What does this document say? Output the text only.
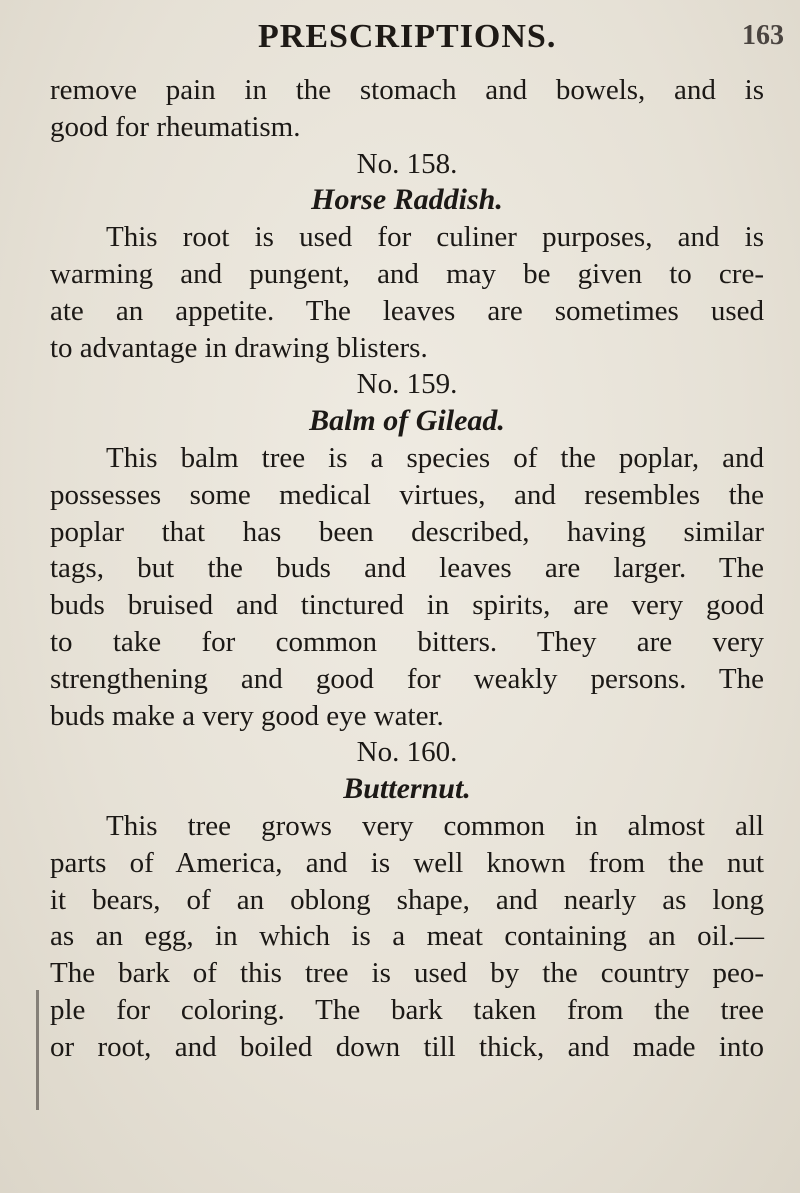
PRESCRIPTIONS.	163
remove pain in the stomach and bowels, and is
good for rheumatism.
No. 158.
Horse Raddish.
This root is used for culiner purposes, and is
warming and pungent, and may be given to cre-
ate an appetite. The leaves are sometimes used
to advantage in drawing blisters.
No. 159.
Balm of Gilead.
This balm tree is a species of the poplar, and
possesses some medical virtues, and resembles the
poplar that has been described, having similar
tags, but the buds and leaves are larger. The
buds bruised and tinctured in spirits, are very good
to take for common bitters. They are very
strengthening and good for weakly persons. The
buds make a very good eye water.
No. 160.
Butternut.
This tree grows very common in almost all
parts of America, and is well known from the nut
it bears, of an oblong shape, and nearly as long
as an egg, in which is a meat containing an oil.—
The bark of this tree is used by the country peo-
ple for coloring. The bark taken from the tree
or root, and boiled down till thick, and made into
